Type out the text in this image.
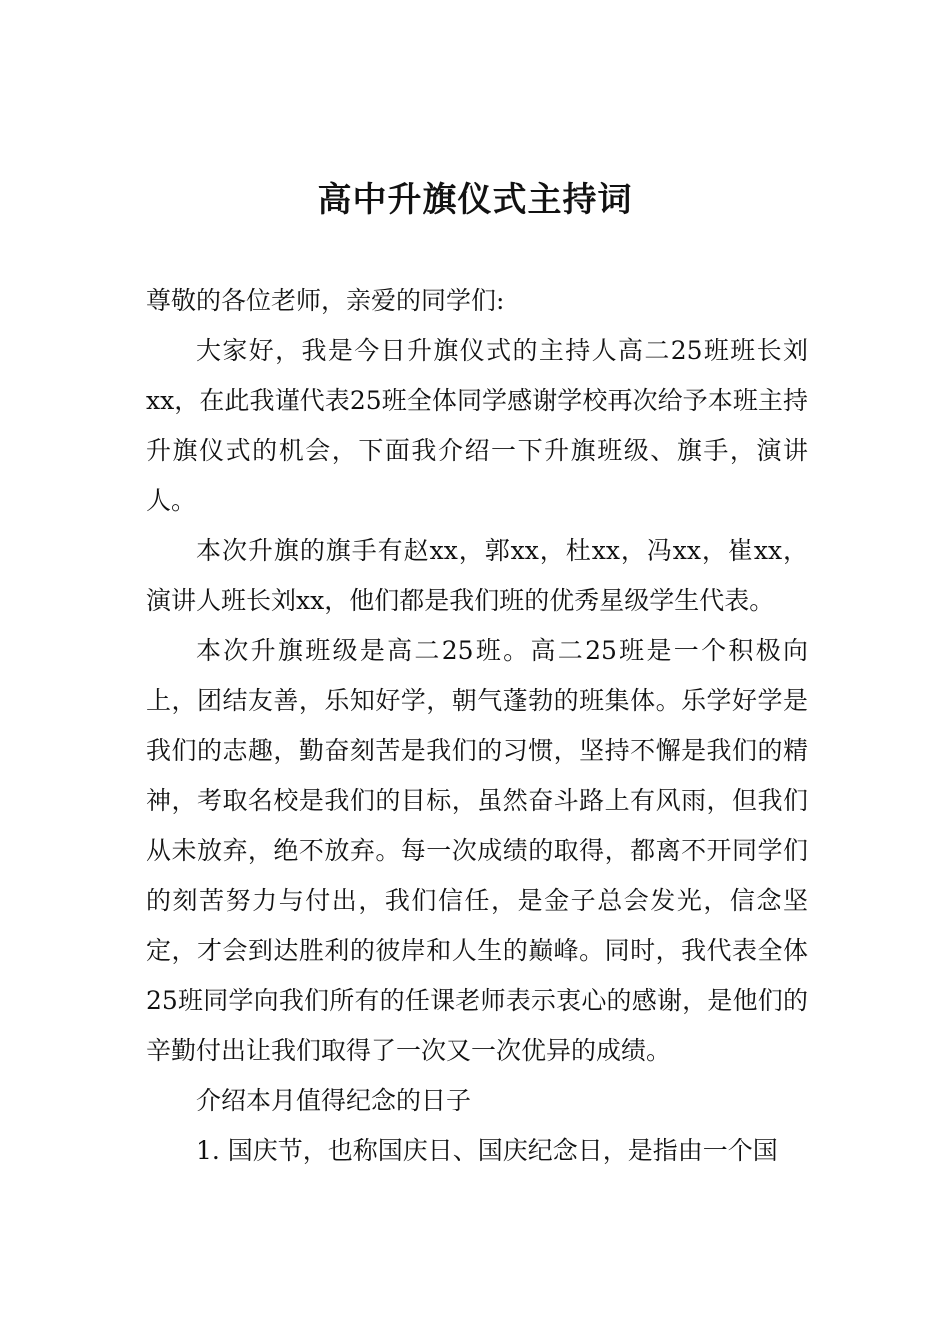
高中升旗仪式主持词

尊敬的各位老师，亲爱的同学们:

大家好，我是今日升旗仪式的主持人高二25班班长刘xx，在此我谨代表25班全体同学感谢学校再次给予本班主持升旗仪式的机会，下面我介绍一下升旗班级、旗手，演讲人。

本次升旗的旗手有赵xx，郭xx，杜xx，冯xx，崔xx，演讲人班长刘xx，他们都是我们班的优秀星级学生代表。

本次升旗班级是高二25班。高二25班是一个积极向上，团结友善，乐知好学，朝气蓬勃的班集体。乐学好学是我们的志趣，勤奋刻苦是我们的习惯，坚持不懈是我们的精神，考取名校是我们的目标，虽然奋斗路上有风雨，但我们从未放弃，绝不放弃。每一次成绩的取得，都离不开同学们的刻苦努力与付出，我们信任，是金子总会发光，信念坚定，才会到达胜利的彼岸和人生的巅峰。同时，我代表全体25班同学向我们所有的任课老师表示衷心的感谢，是他们的辛勤付出让我们取得了一次又一次优异的成绩。

介绍本月值得纪念的日子

1. 国庆节，也称国庆日、国庆纪念日，是指由一个国
